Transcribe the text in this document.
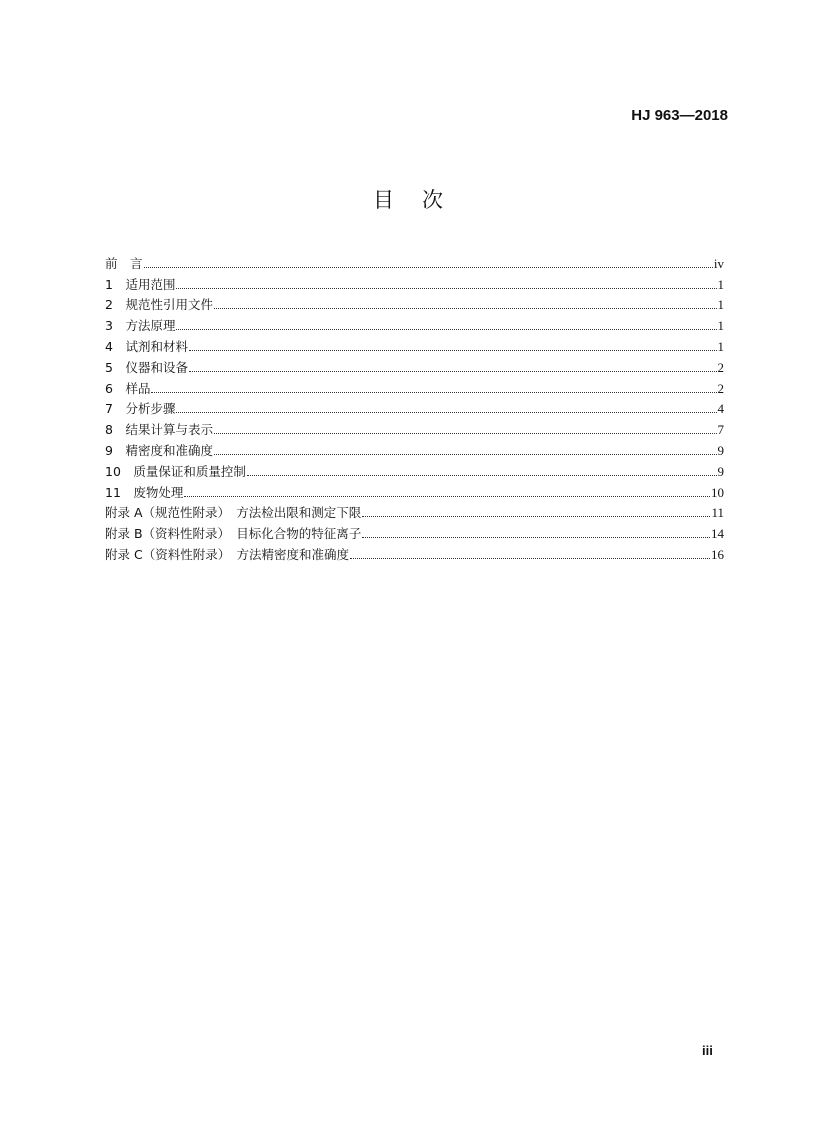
HJ 963—2018
目 次
前　言	iv
1　适用范围	1
2　规范性引用文件	1
3　方法原理	1
4　试剂和材料	1
5　仪器和设备	2
6　样品	2
7　分析步骤	4
8　结果计算与表示	7
9　精密度和准确度	9
10　质量保证和质量控制	9
11　废物处理	10
附录 A（规范性附录）　方法检出限和测定下限	11
附录 B（资料性附录）　目标化合物的特征离子	14
附录 C（资料性附录）　方法精密度和准确度	16
iii
